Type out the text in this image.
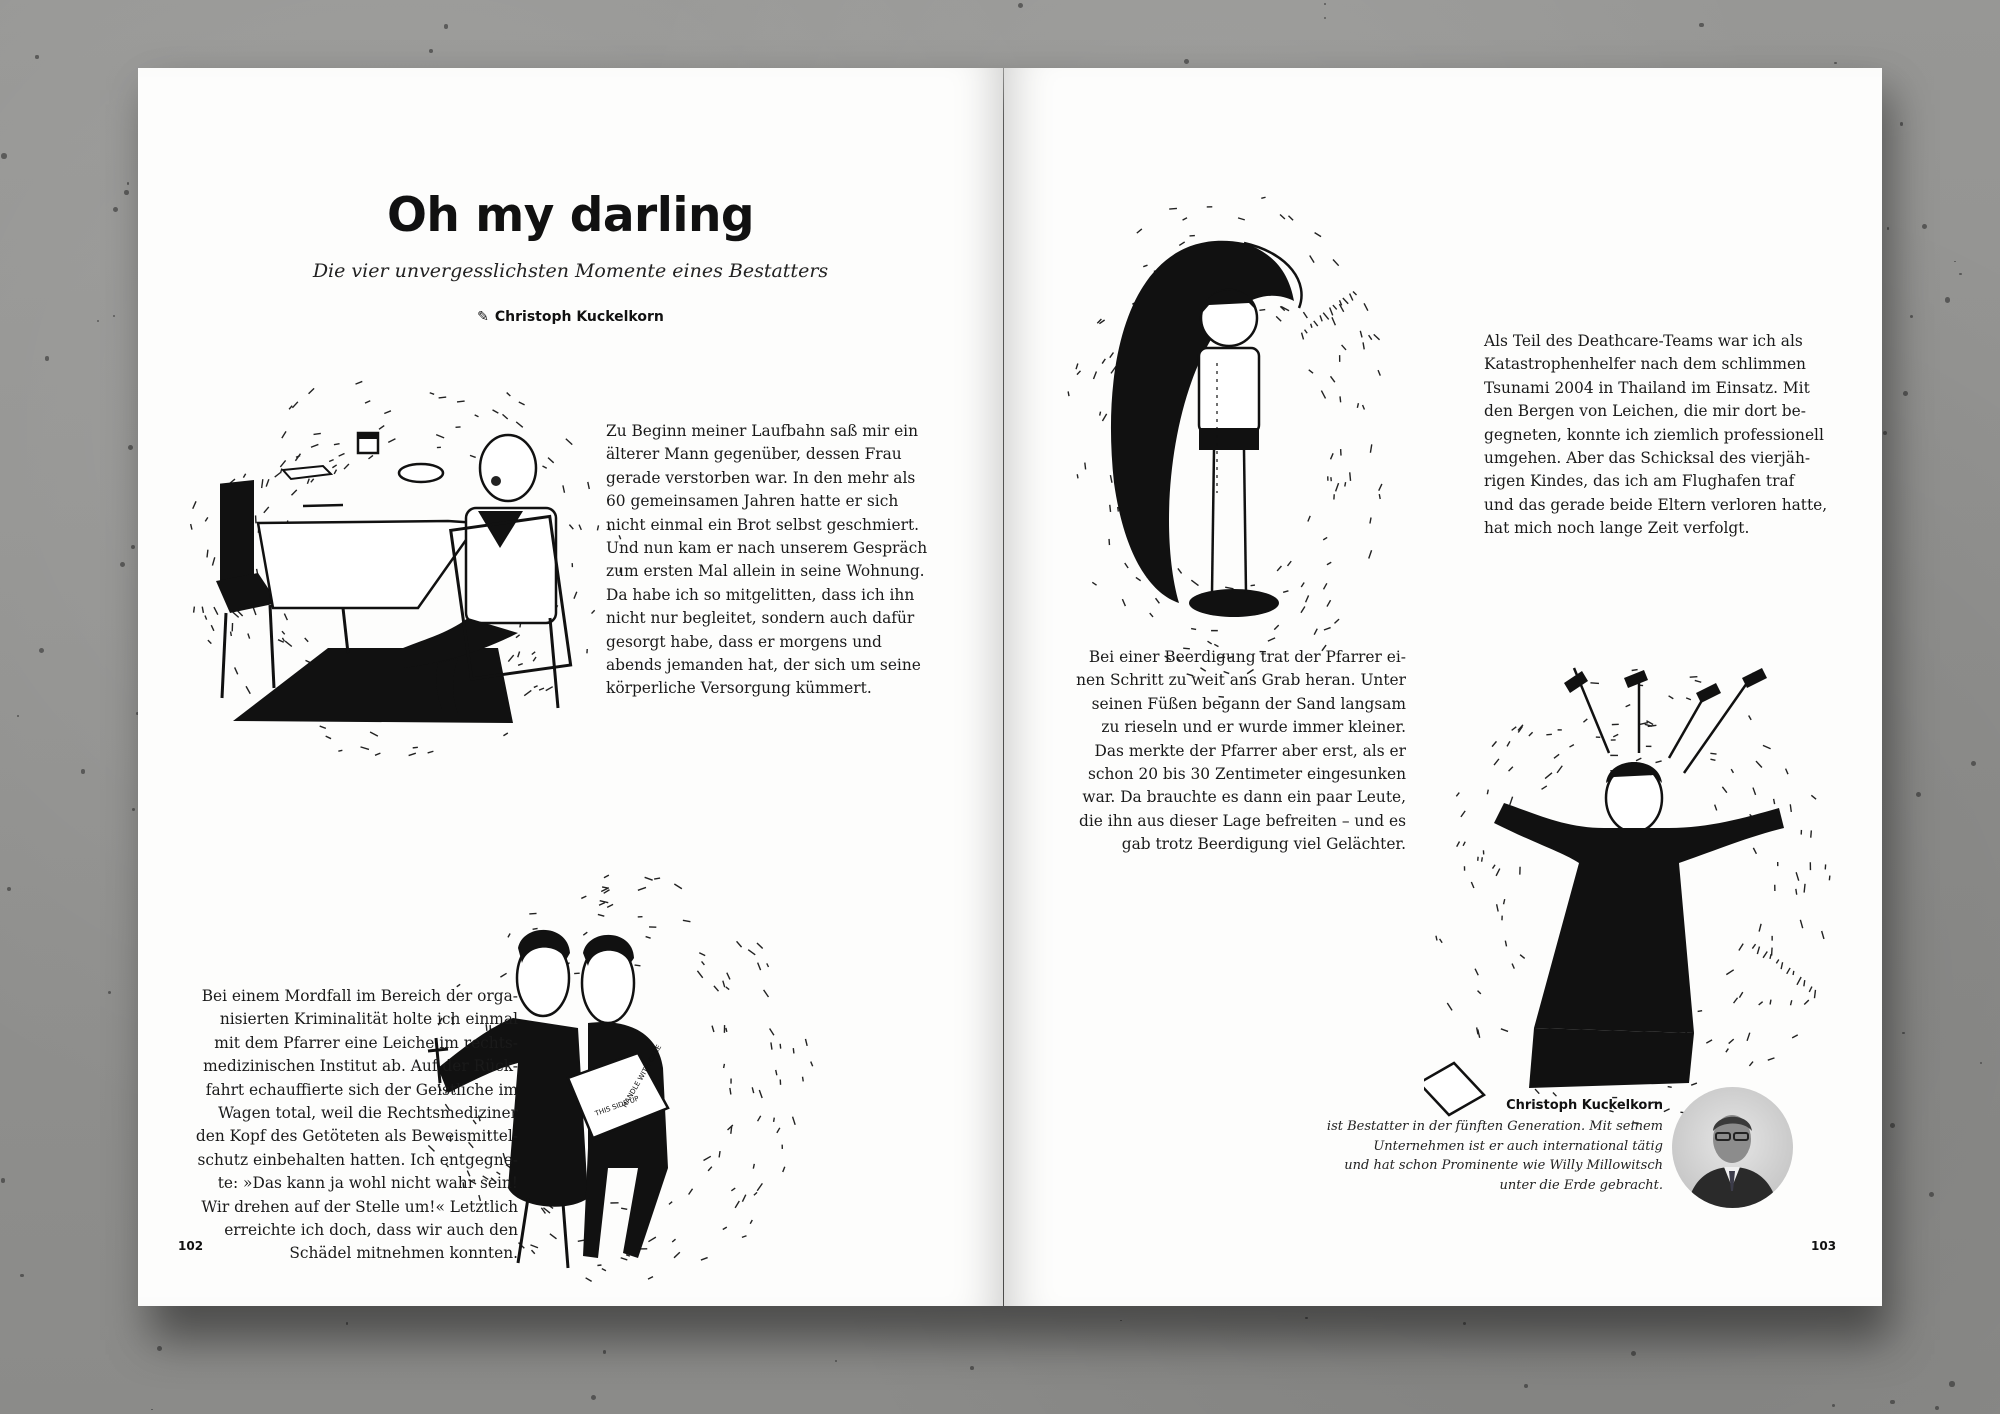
Oh my darling
Die vier unvergesslichsten Momente eines Bestatters
✎ Christoph Kuckelkorn
Zu Beginn meiner Laufbahn saß mir ein
älterer Mann gegenüber, dessen Frau
gerade verstorben war. In den mehr als
60 gemeinsamen Jahren hatte er sich
nicht einmal ein Brot selbst geschmiert.
Und nun kam er nach unserem Gespräch
zum ersten Mal allein in seine Wohnung.
Da habe ich so mitgelitten, dass ich ihn
nicht nur begleitet, sondern auch dafür
gesorgt habe, dass er morgens und
abends jemanden hat, der sich um seine
körperliche Versorgung kümmert.
THIS SIDE UP
HANDLE WITH CARE
Bei einem Mordfall im Bereich der orga-
nisierten Kriminalität holte ich einmal
mit dem Pfarrer eine Leiche im rechts-
medizinischen Institut ab. Auf der Rück-
fahrt echauffierte sich der Geistliche im
Wagen total, weil die Rechtsmediziner
den Kopf des Getöteten als Beweismittel-
schutz einbehalten hatten. Ich entgegne-
te: »Das kann ja wohl nicht wahr sein!
Wir drehen auf der Stelle um!« Letztlich
erreichte ich doch, dass wir auch den
Schädel mitnehmen konnten.
102
Als Teil des Deathcare-Teams war ich als
Katastrophenhelfer nach dem schlimmen
Tsunami 2004 in Thailand im Einsatz. Mit
den Bergen von Leichen, die mir dort be-
gegneten, konnte ich ziemlich professionell
umgehen. Aber das Schicksal des vierjäh-
rigen Kindes, das ich am Flughafen traf
und das gerade beide Eltern verloren hatte,
hat mich noch lange Zeit verfolgt.
Bei einer Beerdigung trat der Pfarrer ei-
nen Schritt zu weit ans Grab heran. Unter
seinen Füßen begann der Sand langsam
zu rieseln und er wurde immer kleiner.
Das merkte der Pfarrer aber erst, als er
schon 20 bis 30 Zentimeter eingesunken
war. Da brauchte es dann ein paar Leute,
die ihn aus dieser Lage befreiten – und es
gab trotz Beerdigung viel Gelächter.
Christoph Kuckelkorn
ist Bestatter in der fünften Generation. Mit seinem
Unternehmen ist er auch international tätig
und hat schon Prominente wie Willy Millowitsch
unter die Erde gebracht.
103
